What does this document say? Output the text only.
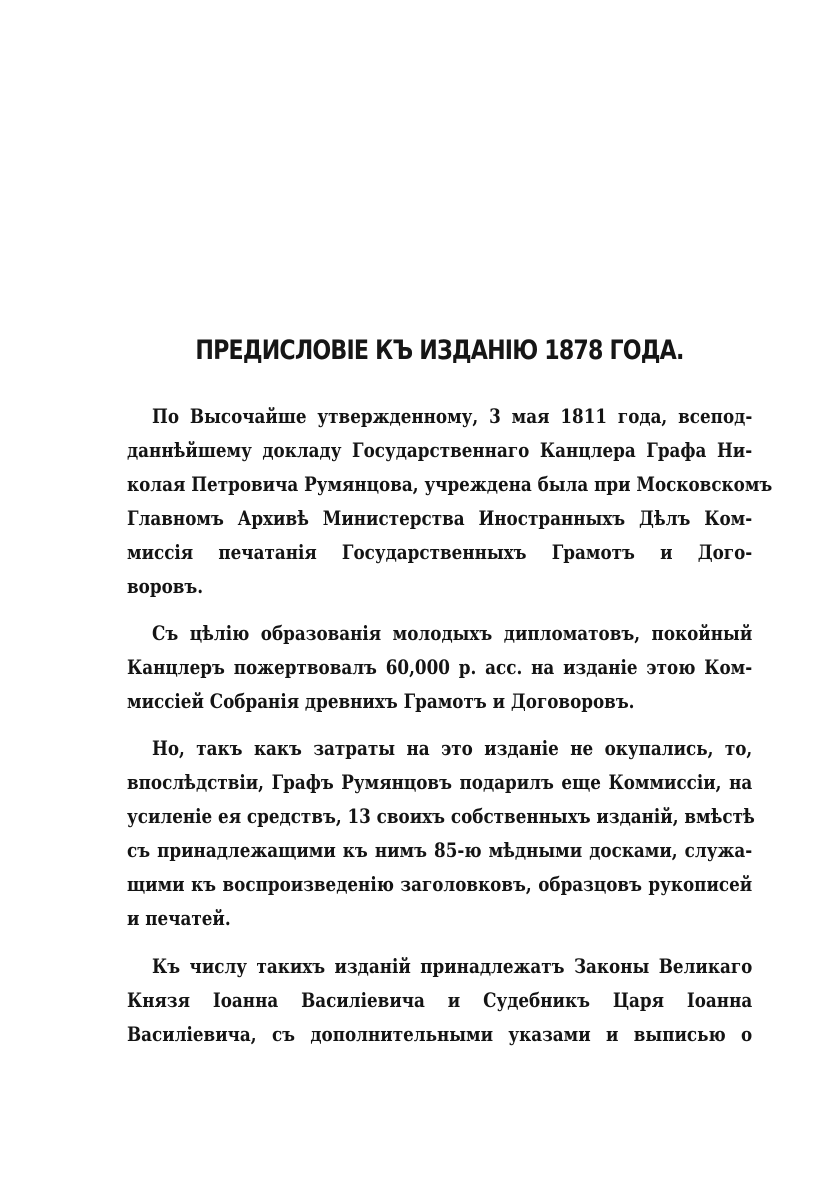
ПРЕДИСЛОВІЕ КЪ ИЗДАНІЮ 1878 ГОДА.

По Высочайше утвержденному, 3 мая 1811 года, всепод-

даннѣйшему докладу Государственнаго Канцлера Графа Ни-

колая Петровича Румянцова, учреждена была при Московскомъ

Главномъ Архивѣ Министерства Иностранныхъ Дѣлъ Ком-

миссія печатанія Государственныхъ Грамотъ и Дого-

воровъ.

Съ цѣлію образованія молодыхъ дипломатовъ, покойный

Канцлеръ пожертвовалъ 60,000 р. асс. на изданіе этою Ком-

миссіей Собранія древнихъ Грамотъ и Договоровъ.

Но, такъ какъ затраты на это изданіе не окупались, то,

впослѣдствіи, Графъ Румянцовъ подарилъ еще Коммиссіи, на

усиленіе ея средствъ, 13 своихъ собственныхъ изданій, вмѣстѣ

съ принадлежащими къ нимъ 85-ю мѣдными досками, служа-

щими къ воспроизведенію заголовковъ, образцовъ рукописей

и печатей.

Къ числу такихъ изданій принадлежатъ Законы Великаго

Князя Іоанна Василіевича и Судебникъ Царя Іоанна

Василіевича, съ дополнительными указами и выписью о
